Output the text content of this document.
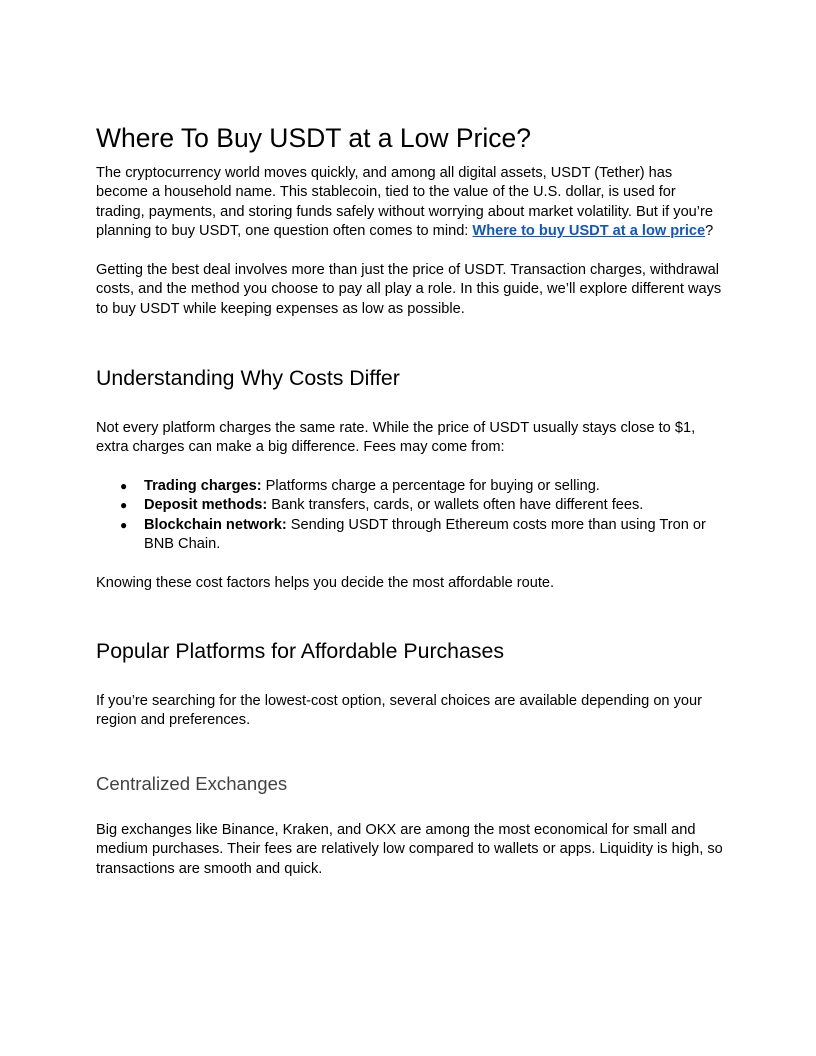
Where To Buy USDT at a Low Price?

The cryptocurrency world moves quickly, and among all digital assets, USDT (Tether) has become a household name. This stablecoin, tied to the value of the U.S. dollar, is used for trading, payments, and storing funds safely without worrying about market volatility. But if you’re planning to buy USDT, one question often comes to mind: Where to buy USDT at a low price?

Getting the best deal involves more than just the price of USDT. Transaction charges, withdrawal costs, and the method you choose to pay all play a role. In this guide, we’ll explore different ways to buy USDT while keeping expenses as low as possible.

Understanding Why Costs Differ

Not every platform charges the same rate. While the price of USDT usually stays close to $1, extra charges can make a big difference. Fees may come from:

● Trading charges: Platforms charge a percentage for buying or selling.
● Deposit methods: Bank transfers, cards, or wallets often have different fees.
● Blockchain network: Sending USDT through Ethereum costs more than using Tron or BNB Chain.

Knowing these cost factors helps you decide the most affordable route.

Popular Platforms for Affordable Purchases

If you’re searching for the lowest-cost option, several choices are available depending on your region and preferences.

Centralized Exchanges

Big exchanges like Binance, Kraken, and OKX are among the most economical for small and medium purchases. Their fees are relatively low compared to wallets or apps. Liquidity is high, so transactions are smooth and quick.
